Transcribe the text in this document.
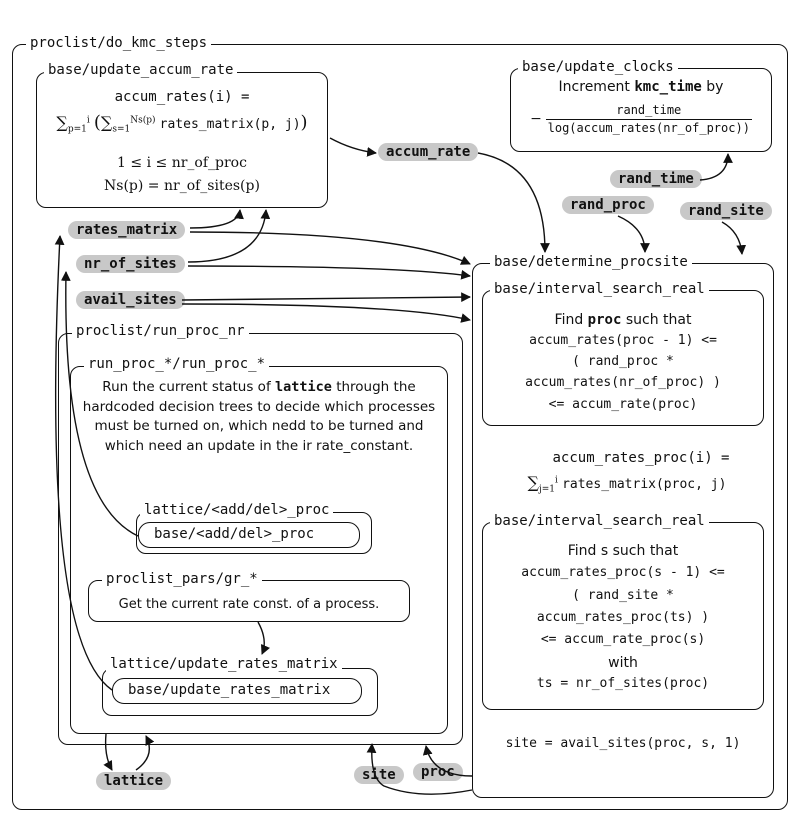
proclist/do_kmc_steps
base/update_accum_rate
accum_rates(i) =
$\sum_{p=1}^i$ ($\sum_{s=1}^{Ns(p)}$ rates_matrix(p, j))
1 ≤ i ≤ nr_of_proc
Ns(p) = nr_of_sites(p)
base/update_clocks
Increment kmc_time by
− $\frac{\text{rand\_time}}{\text{log(accum\_rates(nr\_of\_proc))}}$
base/determine_procsite
base/interval_search_real
Find proc such that
accum_rates(proc - 1) <=
( rand_proc *
accum_rates(nr_of_proc) )
<= accum_rate(proc)
accum_rates_proc(i) =
$\sum_{j=1}^i$ rates_matrix(proc, j)
base/interval_search_real
Find s such that
accum_rates_proc(s - 1) <=
( rand_site *
accum_rates_proc(ts) )
<= accum_rate_proc(s)
with
ts = nr_of_sites(proc)
site = avail_sites(proc, s, 1)
proclist/run_proc_nr
run_proc_*/run_proc_*
Run the current status of lattice through the hardcoded decision trees to decide which processes must be turned on, which nedd to be turned and which need an update in the ir rate_constant.
lattice/<add/del>_proc
base/<add/del>_proc
proclist_pars/gr_*
Get the current rate const. of a process.
lattice/update_rates_matrix
base/update_rates_matrix
accum_rate
rand_time
rand_proc	rand_site
rates_matrix
nr_of_sites
avail_sites
lattice	site	proc
